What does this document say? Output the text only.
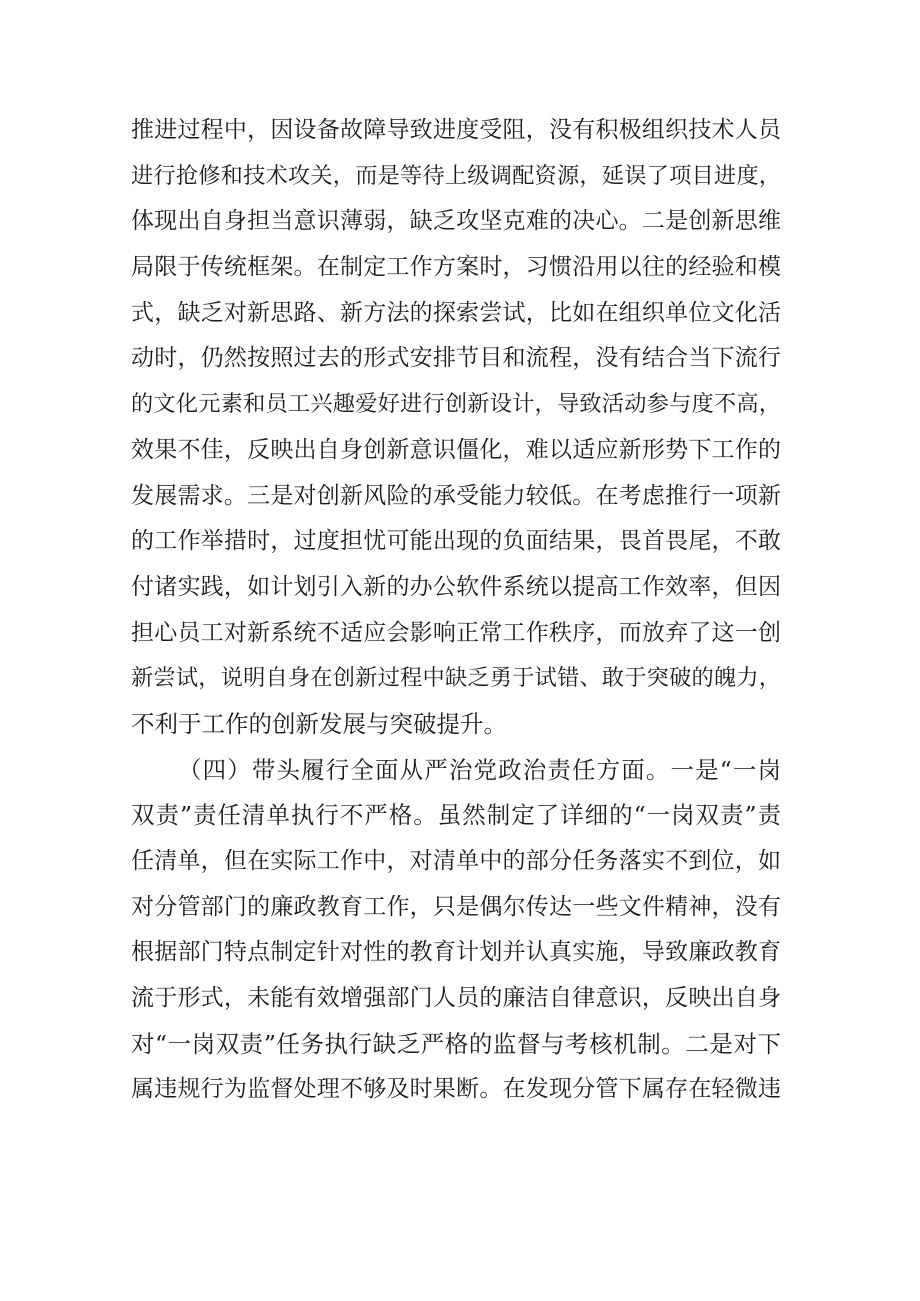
推进过程中，因设备故障导致进度受阻，没有积极组织技术人员
进行抢修和技术攻关，而是等待上级调配资源，延误了项目进度，
体现出自身担当意识薄弱，缺乏攻坚克难的决心。二是创新思维
局限于传统框架。在制定工作方案时，习惯沿用以往的经验和模
式，缺乏对新思路、新方法的探索尝试，比如在组织单位文化活
动时，仍然按照过去的形式安排节目和流程，没有结合当下流行
的文化元素和员工兴趣爱好进行创新设计，导致活动参与度不高，
效果不佳，反映出自身创新意识僵化，难以适应新形势下工作的
发展需求。三是对创新风险的承受能力较低。在考虑推行一项新
的工作举措时，过度担忧可能出现的负面结果，畏首畏尾，不敢
付诸实践，如计划引入新的办公软件系统以提高工作效率，但因
担心员工对新系统不适应会影响正常工作秩序，而放弃了这一创
新尝试，说明自身在创新过程中缺乏勇于试错、敢于突破的魄力，
不利于工作的创新发展与突破提升。
（四）带头履行全面从严治党政治责任方面。一是“一岗
双责”责任清单执行不严格。虽然制定了详细的“一岗双责”责
任清单，但在实际工作中，对清单中的部分任务落实不到位，如
对分管部门的廉政教育工作，只是偶尔传达一些文件精神，没有
根据部门特点制定针对性的教育计划并认真实施，导致廉政教育
流于形式，未能有效增强部门人员的廉洁自律意识，反映出自身
对“一岗双责”任务执行缺乏严格的监督与考核机制。二是对下
属违规行为监督处理不够及时果断。在发现分管下属存在轻微违
